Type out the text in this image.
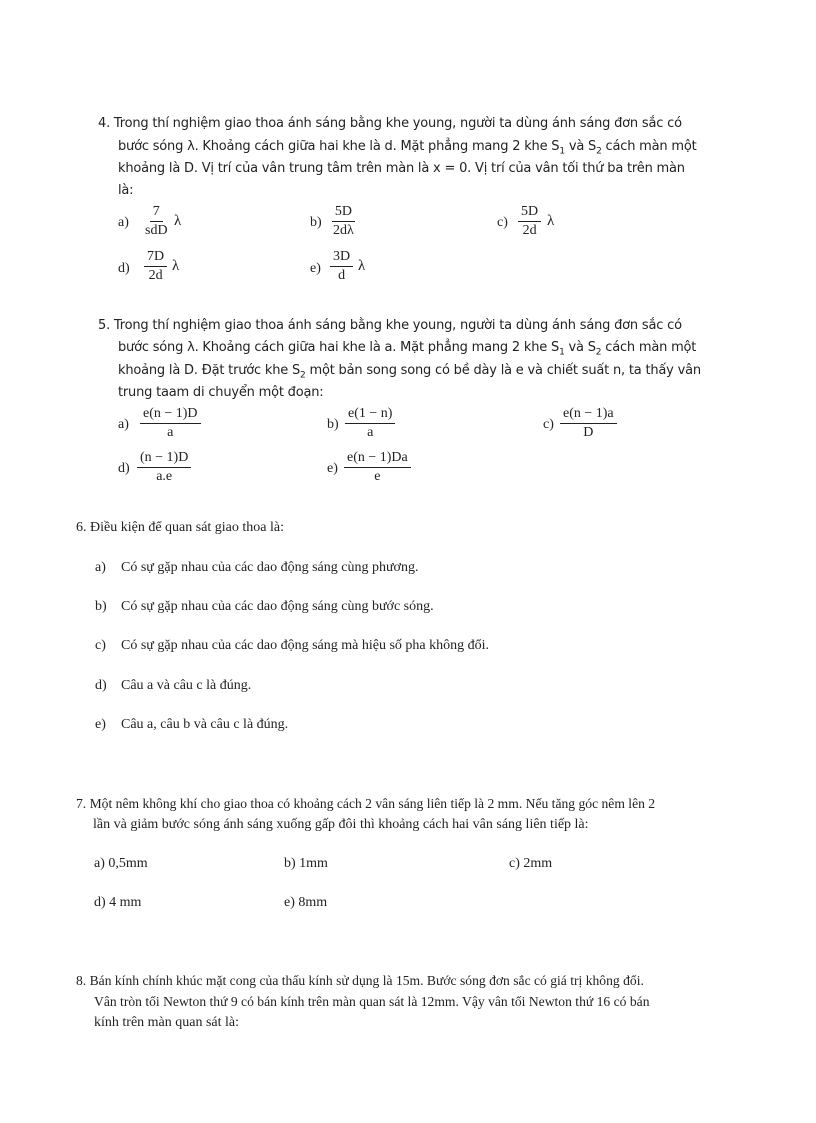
4. Trong thí nghiệm giao thoa ánh sáng bằng khe young, người ta dùng ánh sáng đơn sắc có
bước sóng λ. Khoảng cách giữa hai khe là d. Mặt phẳng mang 2 khe $S_1$ và $S_2$ cách màn một
khoảng là D. Vị trí của vân trung tâm trên màn là x = 0. Vị trí của vân tối thứ ba trên màn
là:
a)
7
sdD
λ	$b) \frac{5D}{2d\lambda}$	$c) \frac{5D}{2d}$ λ
$d) \frac{7D}{2d}$ λ	$e) \frac{3D}{d}$ λ
5. Trong thí nghiệm giao thoa ánh sáng bằng khe young, người ta dùng ánh sáng đơn sắc có
bước sóng λ. Khoảng cách giữa hai khe là a. Mặt phẳng mang 2 khe $S_1$ và $S_2$ cách màn một
khoảng là D. Đặt trước khe $S_2$ một bản song song có bề dày là e và chiết suất n, ta thấy vân
trung taam di chuyển một đoạn:
$a) \frac{e(n - 1)D}{a}$	$b) \frac{e(1 - n)}{a}$	$c) \frac{e(n - 1)a}{D}$
$d) \frac{(n - 1)D}{a.e}$	$e) \frac{e(n - 1)Da}{e}$
6. Điều kiện để quan sát giao thoa là:
a) Có sự gặp nhau của các dao động sáng cùng phương.
b) Có sự gặp nhau của các dao động sáng cùng bước sóng.
c) Có sự gặp nhau của các dao động sáng mà hiệu số pha không đổi.
d) Câu a và câu c là đúng.
e) Câu a, câu b và câu c là đúng.
7. Một nêm không khí cho giao thoa có khoảng cách 2 vân sáng liên tiếp là 2 mm. Nếu tăng góc nêm lên 2
lần và giảm bước sóng ánh sáng xuống gấp đôi thì khoảng cách hai vân sáng liên tiếp là:
a) 0,5mm	b) 1mm	c) 2mm
d) 4 mm	e) 8mm
8. Bán kính chính khúc mặt cong của thấu kính sử dụng là 15m. Bước sóng đơn sắc có giá trị không đổi.
Vân tròn tối Newton thứ 9 có bán kính trên màn quan sát là 12mm. Vậy vân tối Newton thứ 16 có bán
kính trên màn quan sát là:
